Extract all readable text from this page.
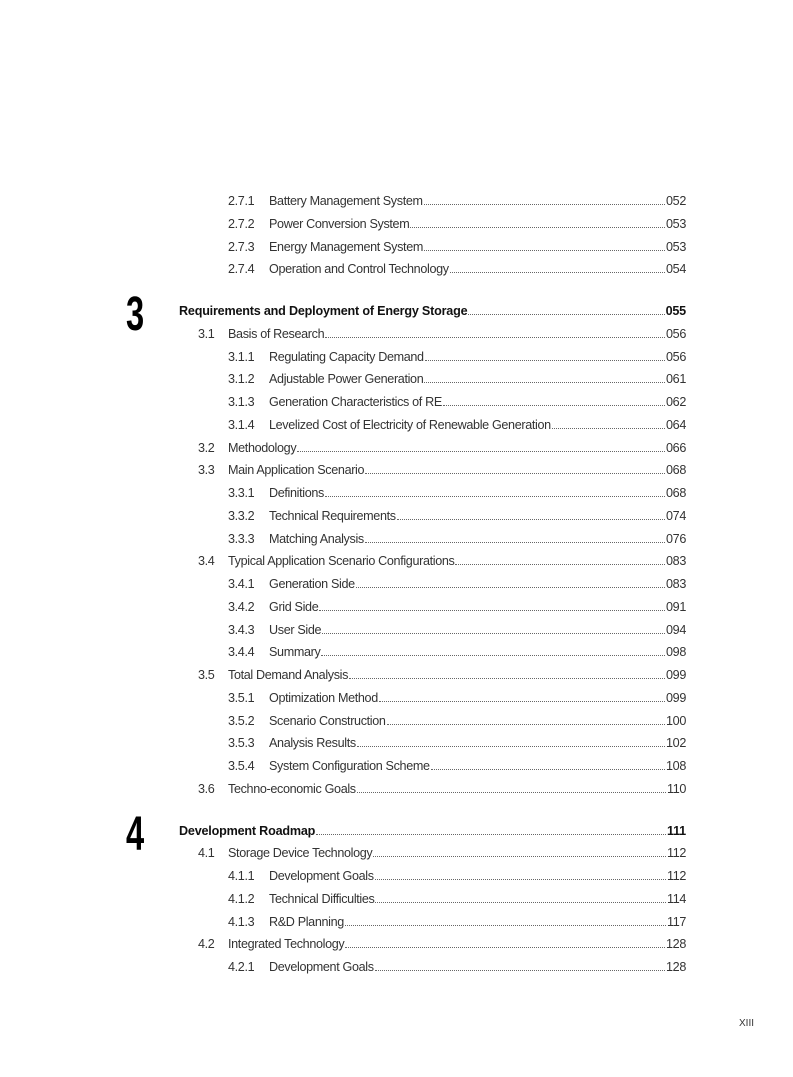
2.7.1 Battery Management System	052
2.7.2 Power Conversion System	053
2.7.3 Energy Management System	053
2.7.4 Operation and Control Technology	054
3	Requirements and Deployment of Energy Storage	055
3.1 Basis of Research	056
3.1.1 Regulating Capacity Demand	056
3.1.2 Adjustable Power Generation	061
3.1.3 Generation Characteristics of RE	062
3.1.4 Levelized Cost of Electricity of Renewable Generation	064
3.2 Methodology	066
3.3 Main Application Scenario	068
3.3.1 Definitions	068
3.3.2 Technical Requirements	074
3.3.3 Matching Analysis	076
3.4 Typical Application Scenario Configurations	083
3.4.1 Generation Side	083
3.4.2 Grid Side	091
3.4.3 User Side	094
3.4.4 Summary	098
3.5 Total Demand Analysis	099
3.5.1 Optimization Method	099
3.5.2 Scenario Construction	100
3.5.3 Analysis Results	102
3.5.4 System Configuration Scheme	108
3.6 Techno-economic Goals	110
4	Development Roadmap	111
4.1 Storage Device Technology	112
4.1.1 Development Goals	112
4.1.2 Technical Difficulties	114
4.1.3 R&D Planning	117
4.2 Integrated Technology	128
4.2.1 Development Goals	128
XIII
